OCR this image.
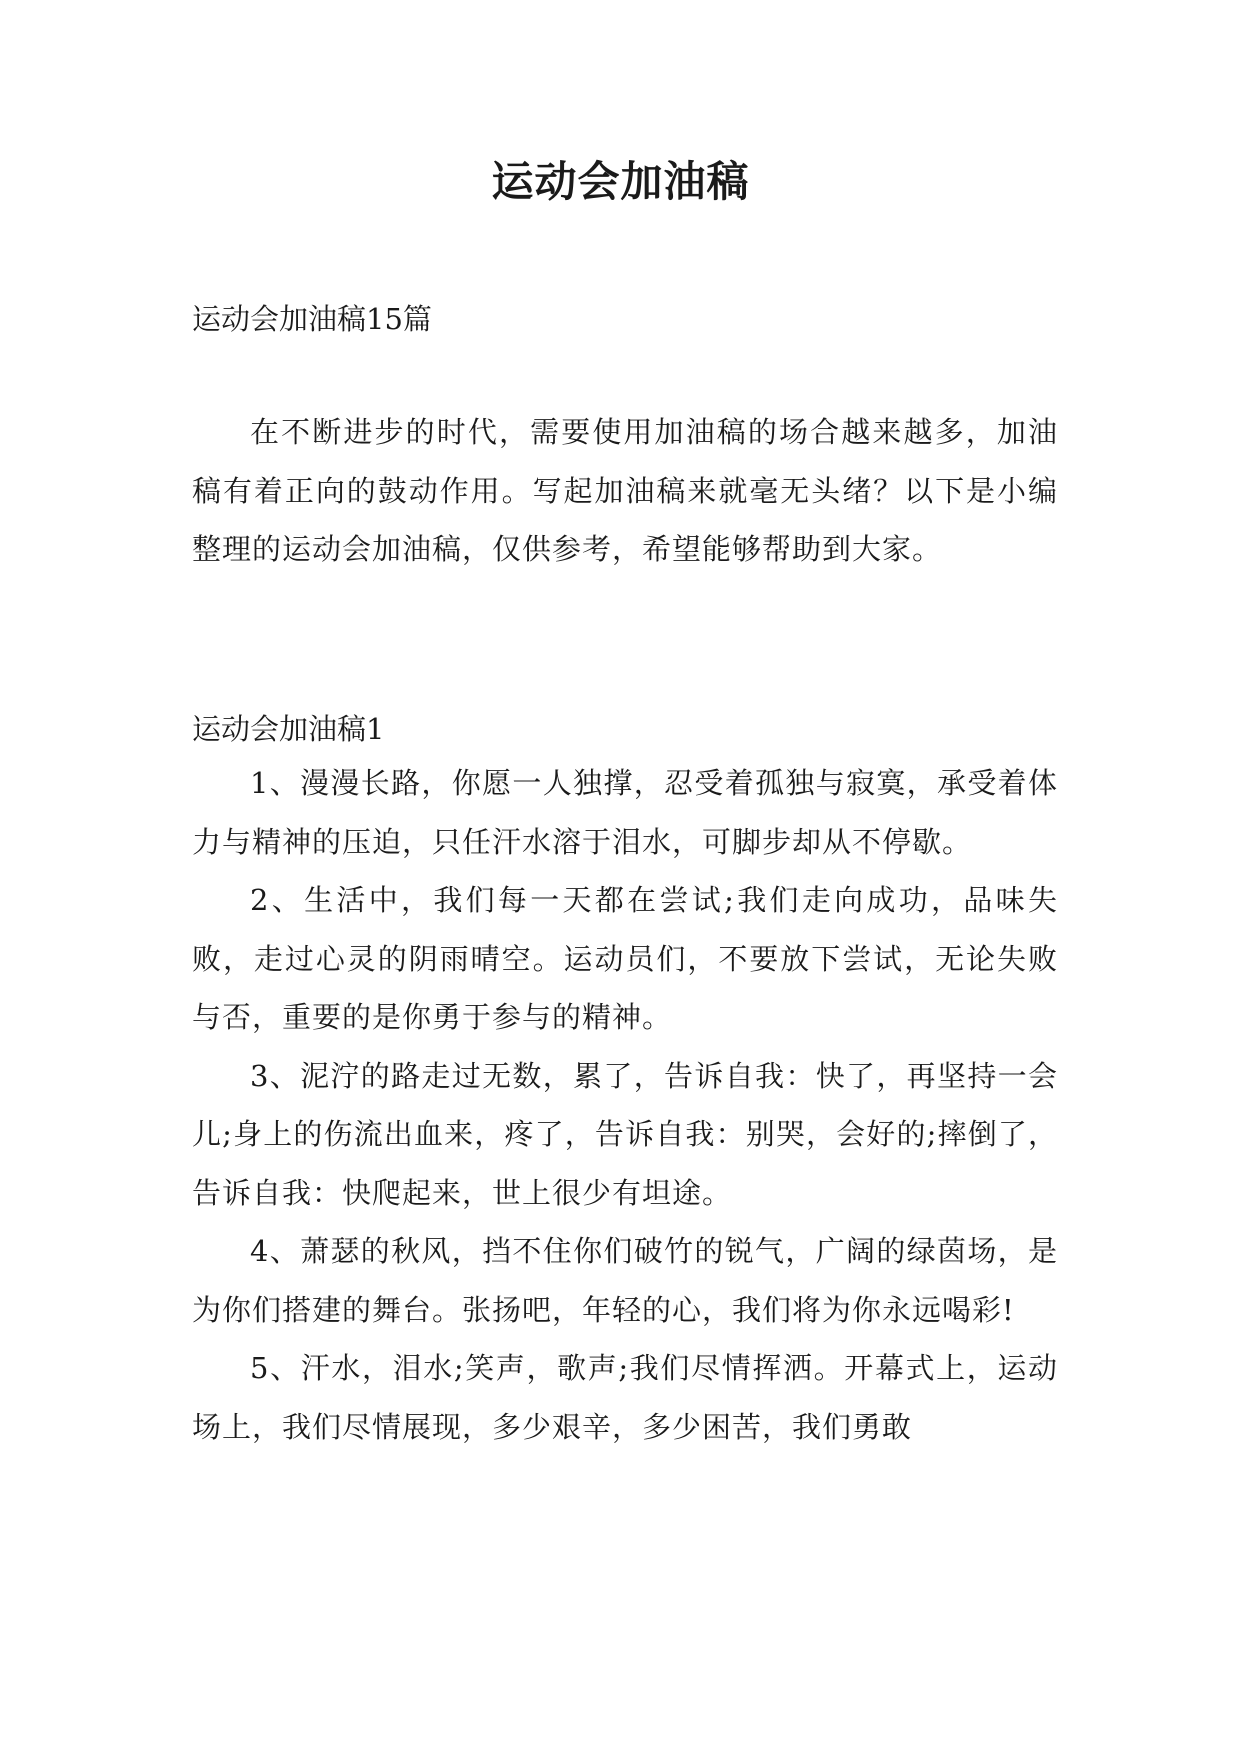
运动会加油稿

运动会加油稿15篇

在不断进步的时代，需要使用加油稿的场合越来越多，加油稿有着正向的鼓动作用。写起加油稿来就毫无头绪？以下是小编整理的运动会加油稿，仅供参考，希望能够帮助到大家。

运动会加油稿1

1、漫漫长路，你愿一人独撑，忍受着孤独与寂寞，承受着体力与精神的压迫，只任汗水溶于泪水，可脚步却从不停歇。

2、生活中，我们每一天都在尝试;我们走向成功，品味失败，走过心灵的阴雨晴空。运动员们，不要放下尝试，无论失败与否，重要的是你勇于参与的精神。

3、泥泞的路走过无数，累了，告诉自我：快了，再坚持一会儿;身上的伤流出血来，疼了，告诉自我：别哭，会好的;摔倒了，告诉自我：快爬起来，世上很少有坦途。

4、萧瑟的秋风，挡不住你们破竹的锐气，广阔的绿茵场，是为你们搭建的舞台。张扬吧，年轻的心，我们将为你永远喝彩!

5、汗水，泪水;笑声，歌声;我们尽情挥洒。开幕式上，运动场上，我们尽情展现，多少艰辛，多少困苦，我们勇敢
